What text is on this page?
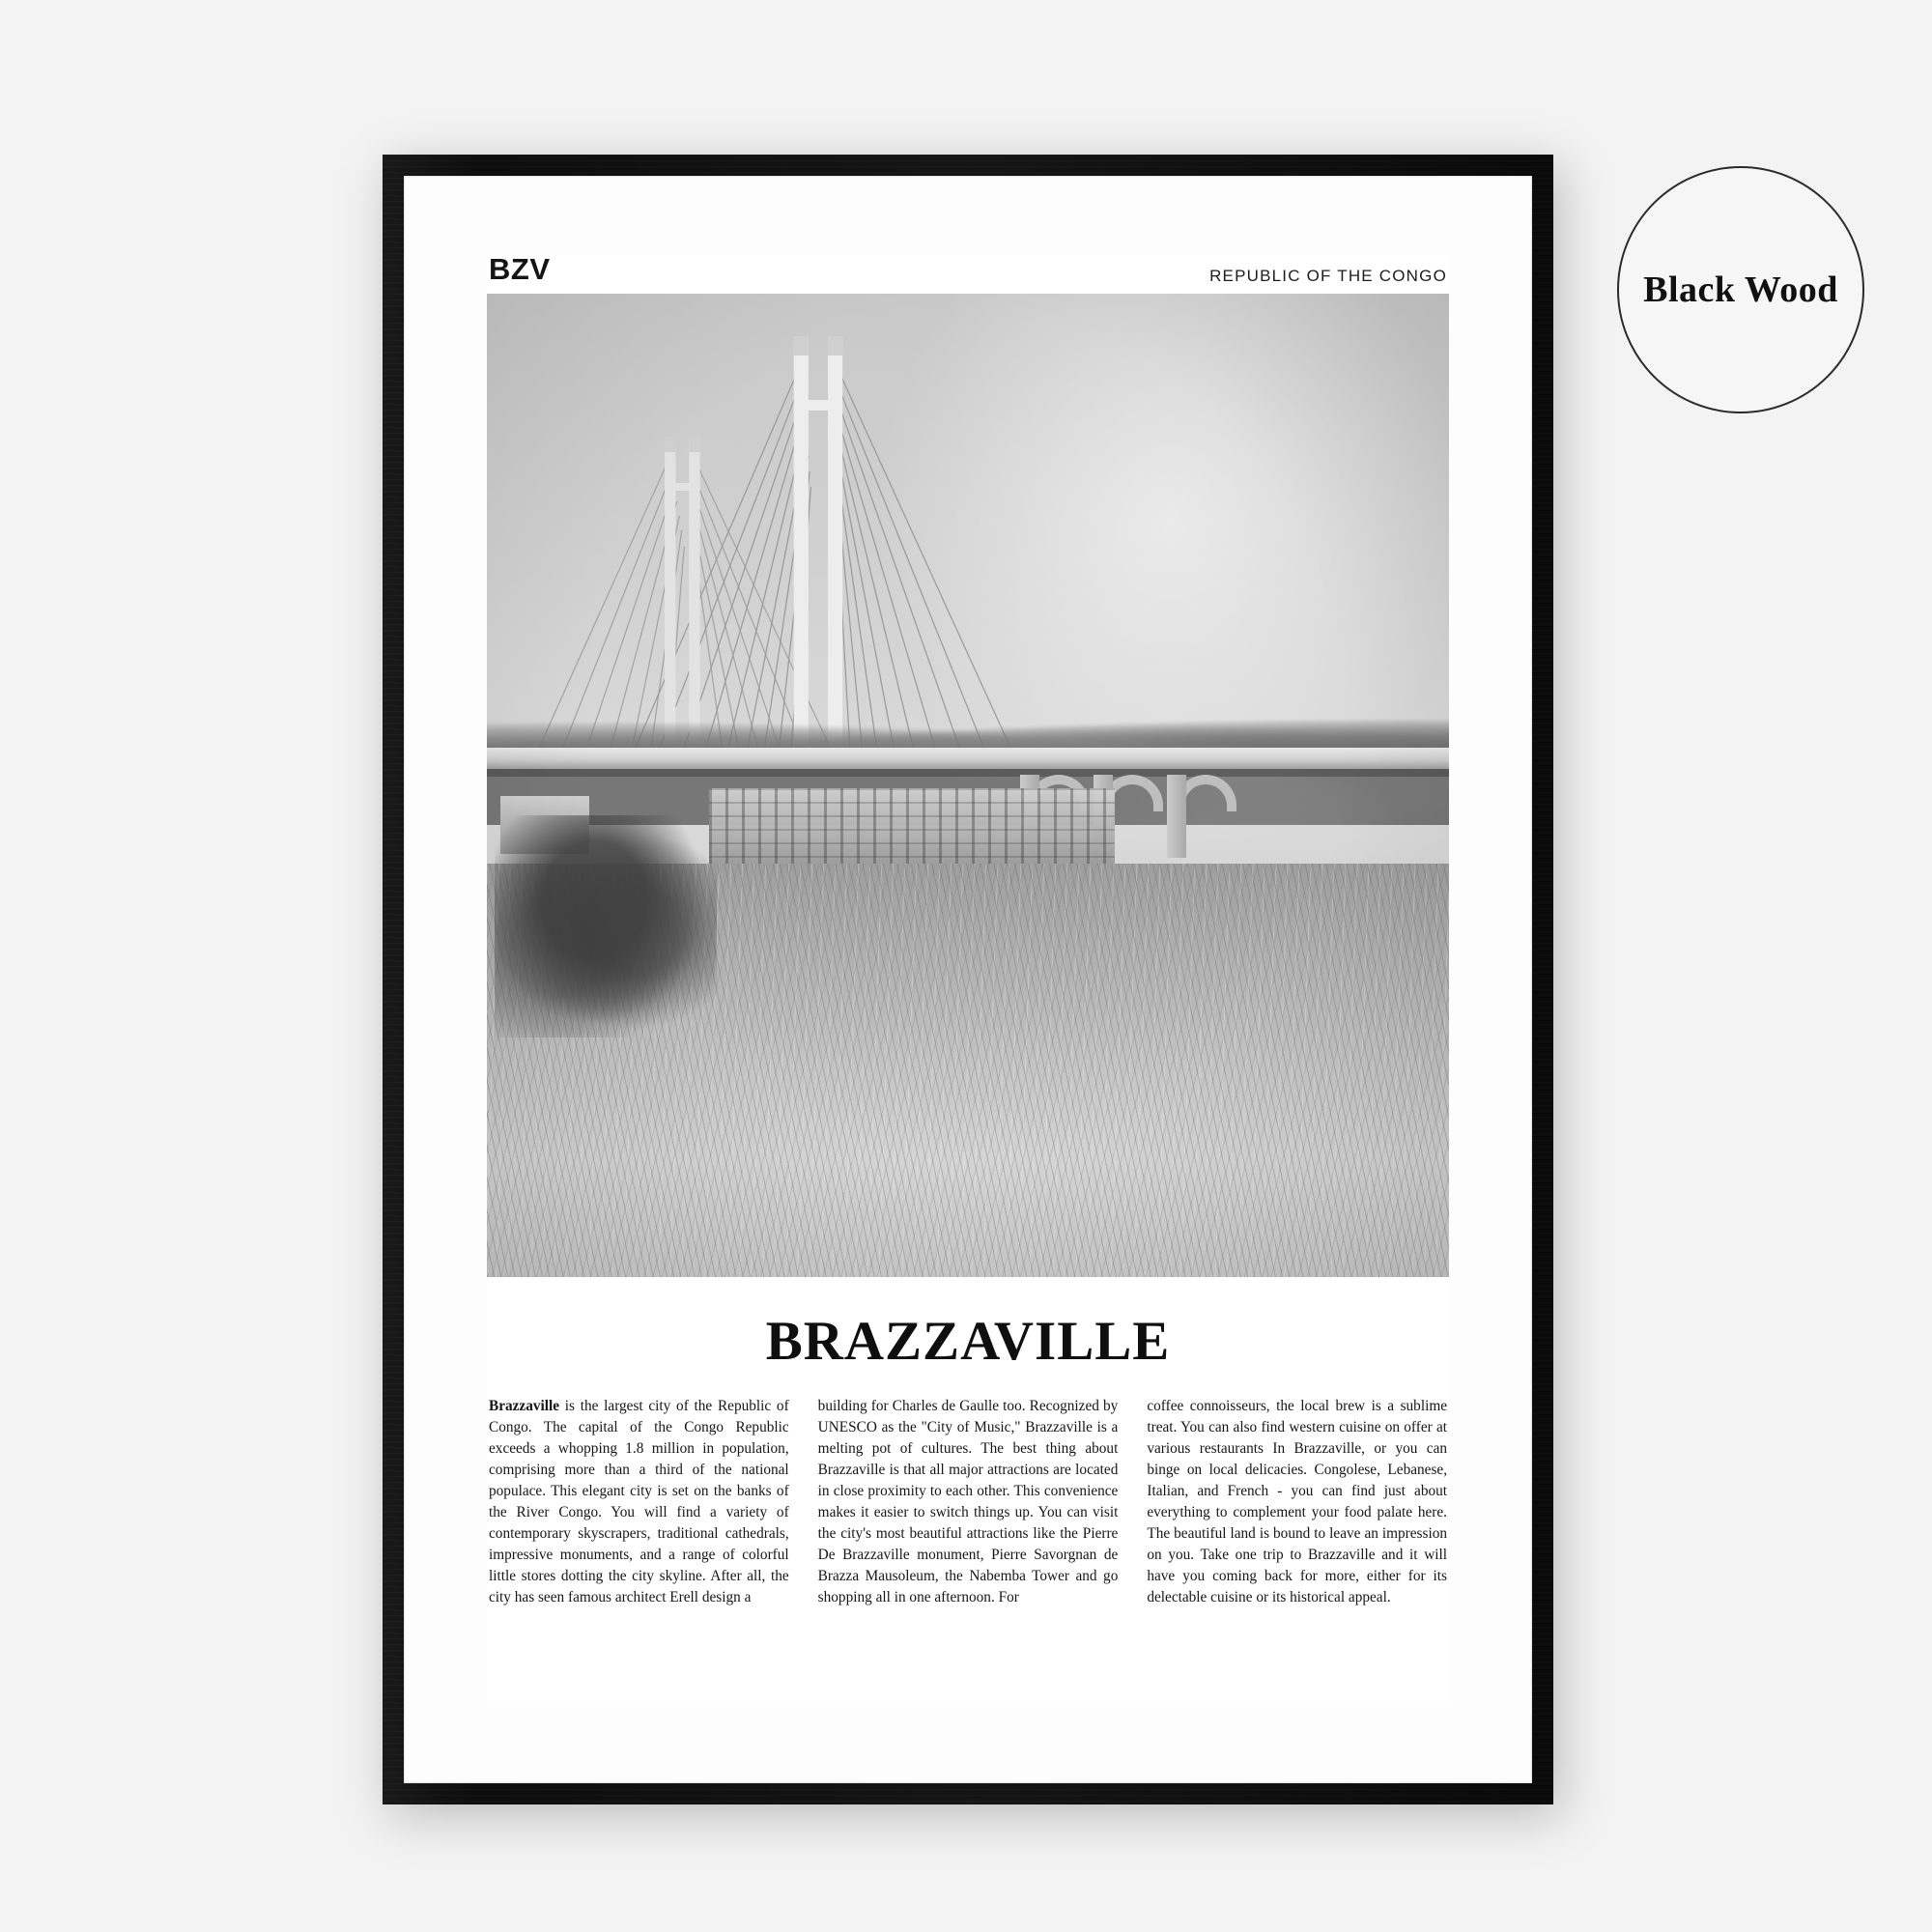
Black Wood
BZV	REPUBLIC OF THE CONGO
BRAZZAVILLE
Brazzaville is the largest city of the Republic of Congo. The capital of the Congo Republic exceeds a whopping 1.8 million in population, comprising more than a third of the national populace. This elegant city is set on the banks of the River Congo. You will find a variety of contemporary skyscrapers, traditional cathedrals, impressive monuments, and a range of colorful little stores dotting the city skyline. After all, the city has seen famous architect Erell design a
building for Charles de Gaulle too. Recognized by UNESCO as the "City of Music," Brazzaville is a melting pot of cultures. The best thing about Brazzaville is that all major attractions are located in close proximity to each other. This convenience makes it easier to switch things up. You can visit the city's most beautiful attractions like the Pierre De Brazzaville monument, Pierre Savorgnan de Brazza Mausoleum, the Nabemba Tower and go shopping all in one afternoon. For
coffee connoisseurs, the local brew is a sublime treat. You can also find western cuisine on offer at various restaurants In Brazzaville, or you can binge on local delicacies. Congolese, Lebanese, Italian, and French - you can find just about everything to complement your food palate here. The beautiful land is bound to leave an impression on you. Take one trip to Brazzaville and it will have you coming back for more, either for its delectable cuisine or its historical appeal.
